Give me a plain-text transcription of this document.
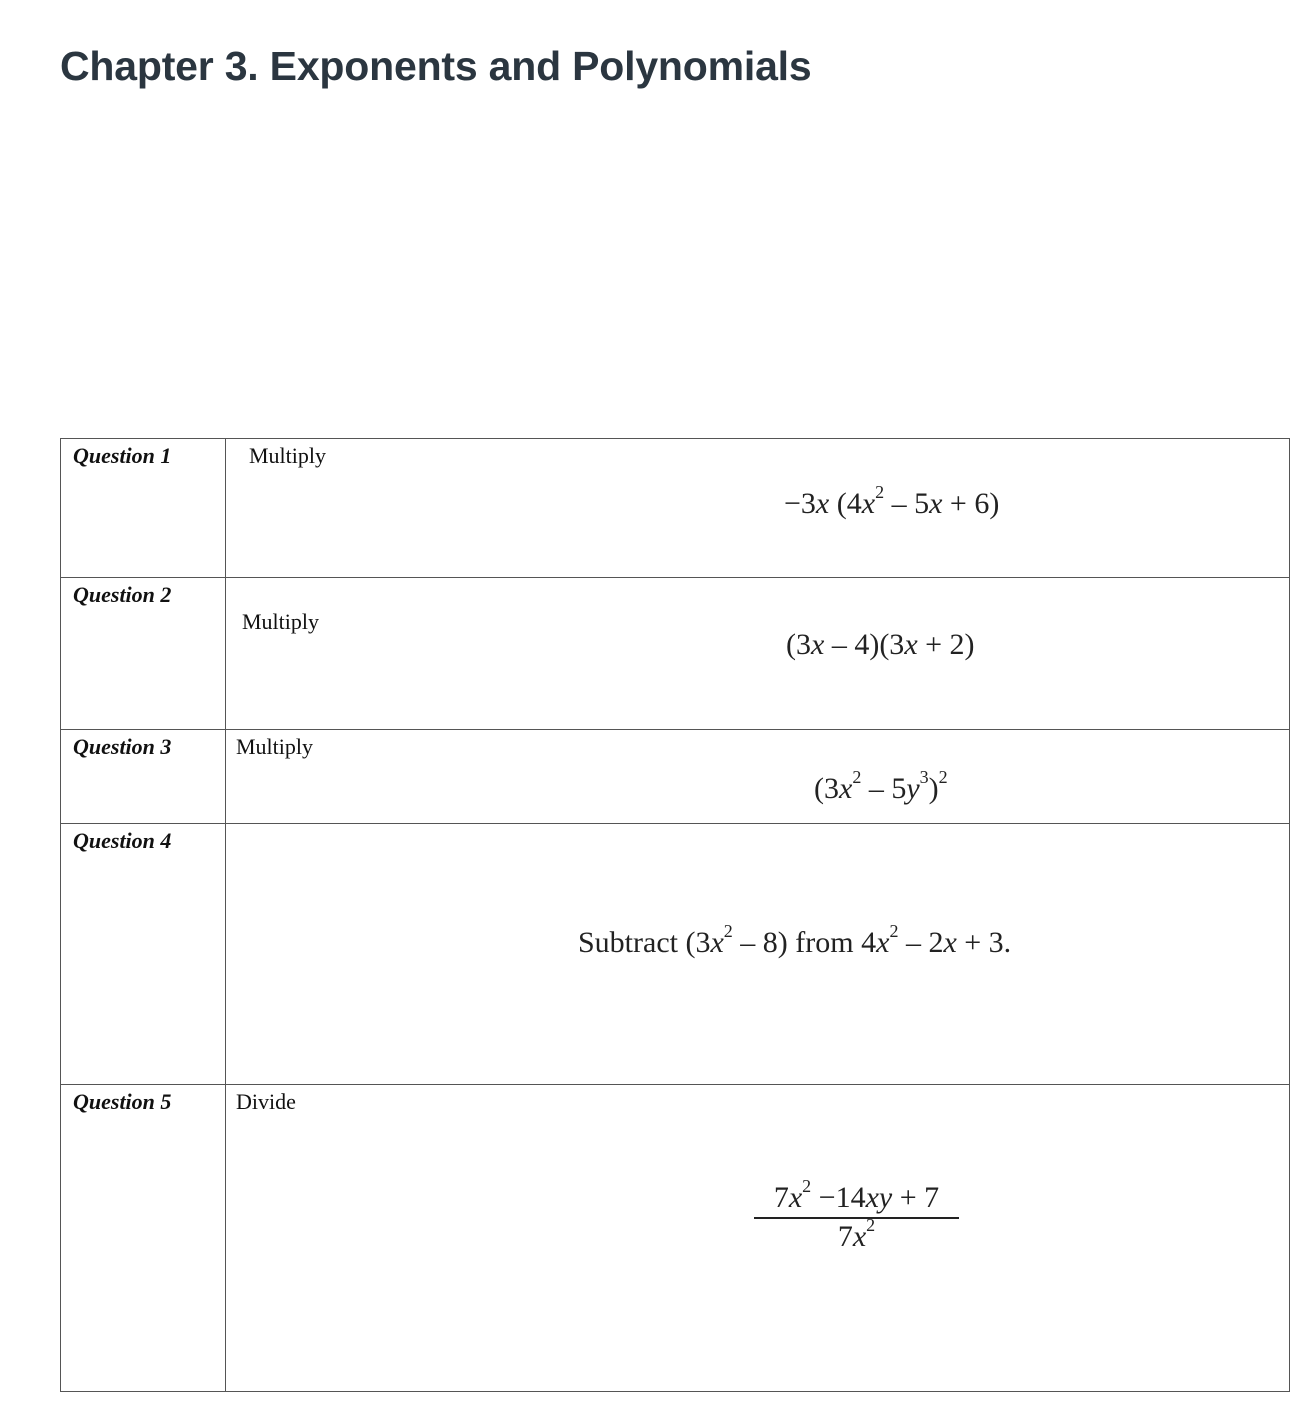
Chapter 3. Exponents and Polynomials
Question 1	Multiply
−3x $(4x^2 - 5x + 6)$

Question 2	Multiply
(3x – 4)(3x + 2)

Question 3	Multiply
$(3x^2 - 5y^3)^2$

Question 4	Subtract $(3x^2 - 8)$ from $4x^2 - 2x + 3$.

Question 5	Divide
$\frac{7x^2 -14xy + 7}{7x^2}$
